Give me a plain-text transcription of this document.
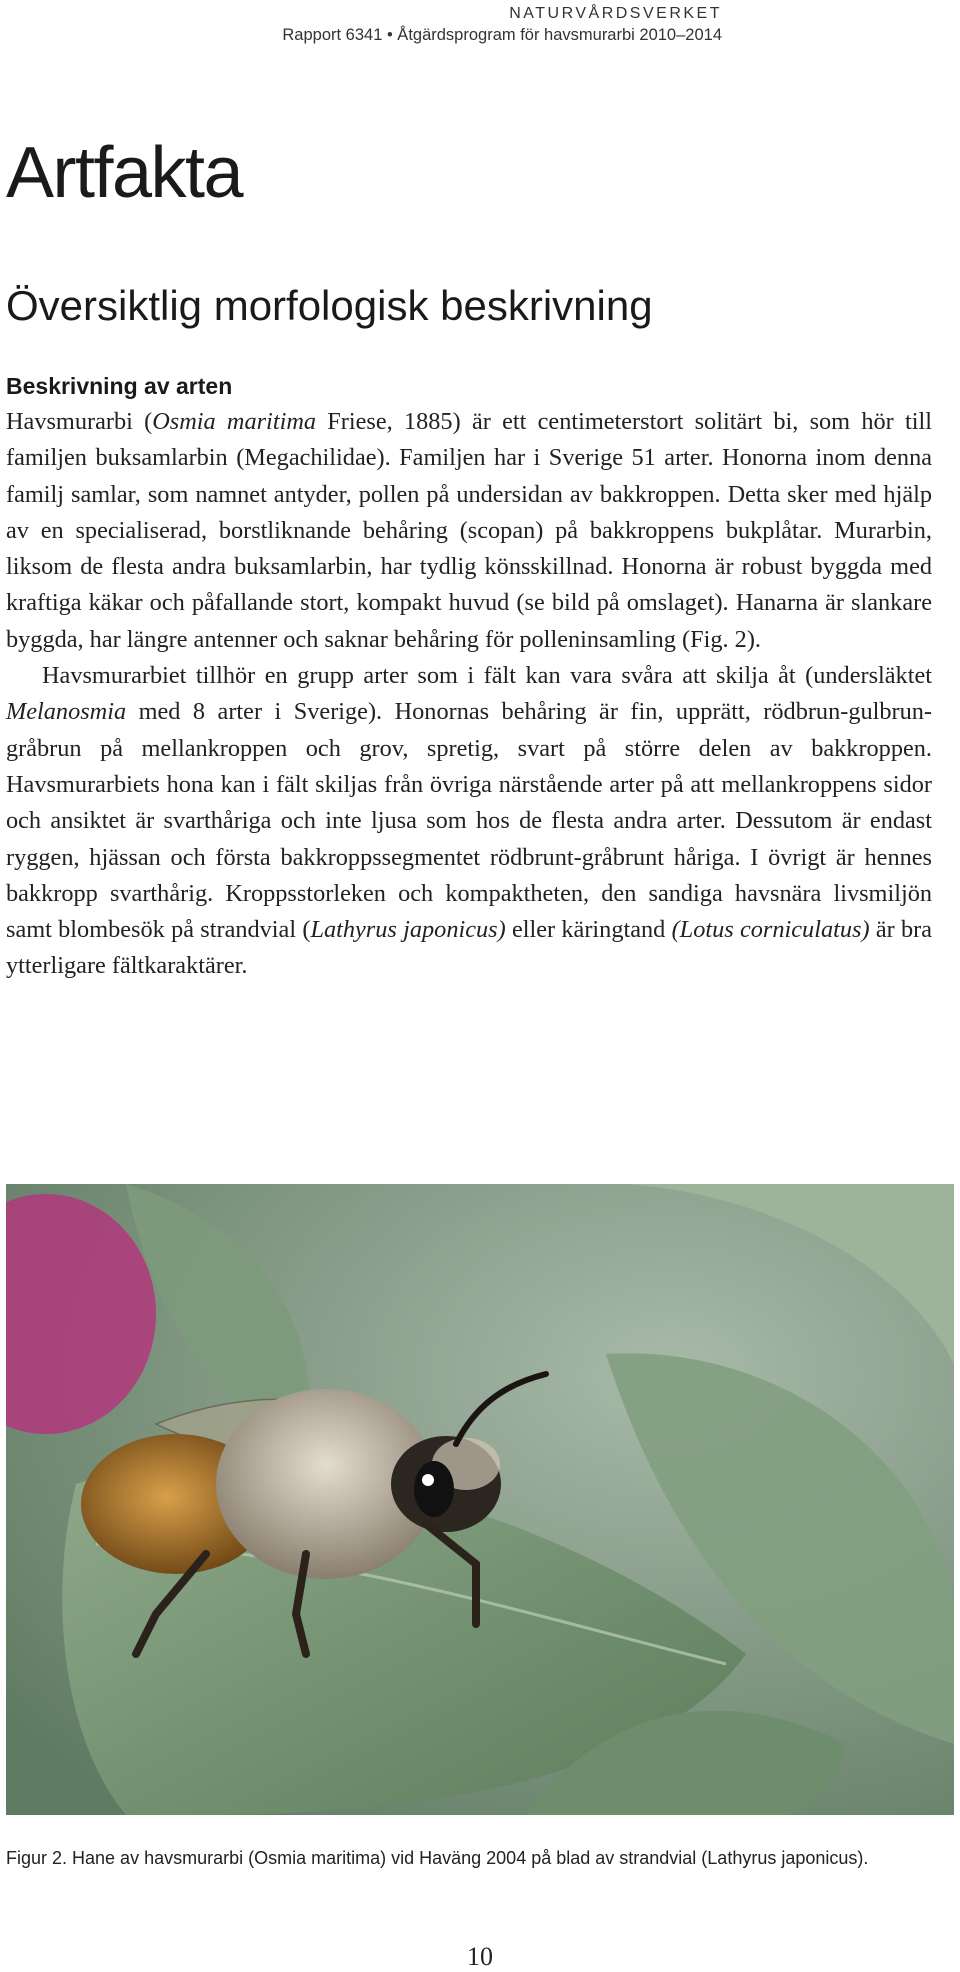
NATURVÅRDSVERKET
Rapport 6341 • Åtgärdsprogram för havsmurarbi 2010–2014
Artfakta
Översiktlig morfologisk beskrivning
Beskrivning av arten

Havsmurarbi (Osmia maritima Friese, 1885) är ett centimeterstort solitärt bi, som hör till familjen buksamlarbin (Megachilidae). Familjen har i Sverige 51 arter. Honorna inom denna familj samlar, som namnet antyder, pollen på undersidan av bakkroppen. Detta sker med hjälp av en specialiserad, borstliknande behåring (scopan) på bakkroppens bukplåtar. Murarbin, liksom de flesta andra buksamlarbin, har tydlig könsskillnad. Honorna är robust byggda med kraftiga käkar och påfallande stort, kompakt huvud (se bild på omslaget). Hanarna är slankare byggda, har längre antenner och saknar behåring för polleninsamling (Fig. 2).

Havsmurarbiet tillhör en grupp arter som i fält kan vara svåra att skilja åt (undersläktet Melanosmia med 8 arter i Sverige). Honornas behåring är fin, upprätt, rödbrun-gulbrun-gråbrun på mellankroppen och grov, spretig, svart på större delen av bakkroppen. Havsmurarbiets hona kan i fält skiljas från övriga närstående arter på att mellankroppens sidor och ansiktet är svarthåriga och inte ljusa som hos de flesta andra arter. Dessutom är endast ryggen, hjässan och första bakkroppssegmentet rödbrunt-gråbrunt håriga. I övrigt är hennes bakkropp svarthårig. Kroppsstorleken och kompaktheten, den sandiga havsnära livsmiljön samt blombesök på strandvial (Lathyrus japonicus) eller käringtand (Lotus corniculatus) är bra ytterligare fältkaraktärer.

Figur 2. Hane av havsmurarbi (Osmia maritima) vid Haväng 2004 på blad av strandvial (Lathyrus japonicus).

10
